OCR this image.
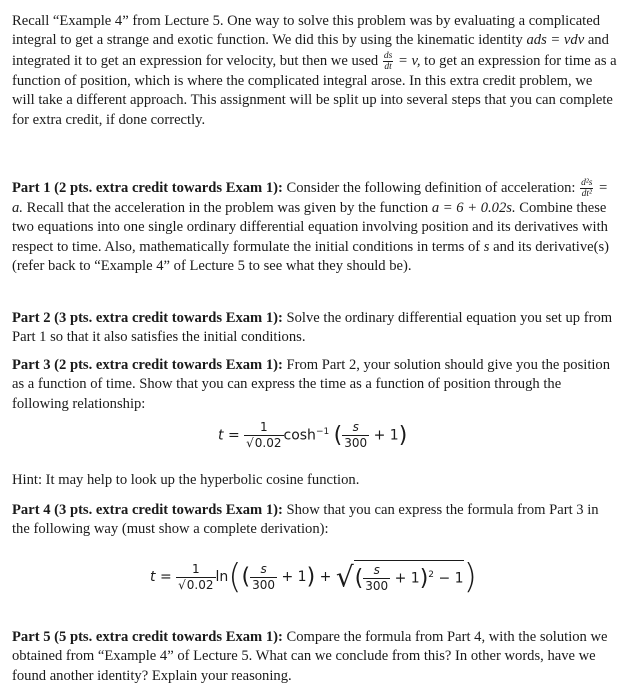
Recall “Example 4” from Lecture 5. One way to solve this problem was by evaluating a complicated integral to get a strange and exotic function. We did this by using the kinematic identity ads = vdv and integrated it to get an expression for velocity, but then we used $\frac{ds}{dt} = v$, to get an expression for time as a function of position, which is where the complicated integral arose. In this extra credit problem, we will take a different approach. This assignment will be split up into several steps that you can complete for extra credit, if done correctly.

Part 1 (2 pts. extra credit towards Exam 1): Consider the following definition of acceleration: $\frac{\text{d²s}}{\text{dt²}} = a$. Recall that the acceleration in the problem was given by the function a = 6 + 0.02s. Combine these two equations into one single ordinary differential equation involving position and its derivatives with respect to time. Also, mathematically formulate the initial conditions in terms of s and its derivative(s) (refer back to “Example 4” of Lecture 5 to see what they should be).

Part 2 (3 pts. extra credit towards Exam 1): Solve the ordinary differential equation you set up from Part 1 so that it also satisfies the initial conditions.

Part 3 (2 pts. extra credit towards Exam 1): From Part 2, your solution should give you the position as a function of time. Show that you can express the time as a function of position through the following relationship:

$t = \frac{1}{√0.02} \cosh^{-1}$ ( $\frac{s}{300} + 1$)

Hint: It may help to look up the hyperbolic cosine function.

Part 4 (3 pts. extra credit towards Exam 1): Show that you can express the formula from Part 3 in the following way (must show a complete derivation):

$t = \frac{1}{√0.02} \ln(( \frac{s}{300} + 1)$ + √( $\frac{s}{300} + 1)^2 - 1$)

Part 5 (5 pts. extra credit towards Exam 1): Compare the formula from Part 4, with the solution we obtained from “Example 4” of Lecture 5. What can we conclude from this? In other words, have we found another identity? Explain your reasoning.
